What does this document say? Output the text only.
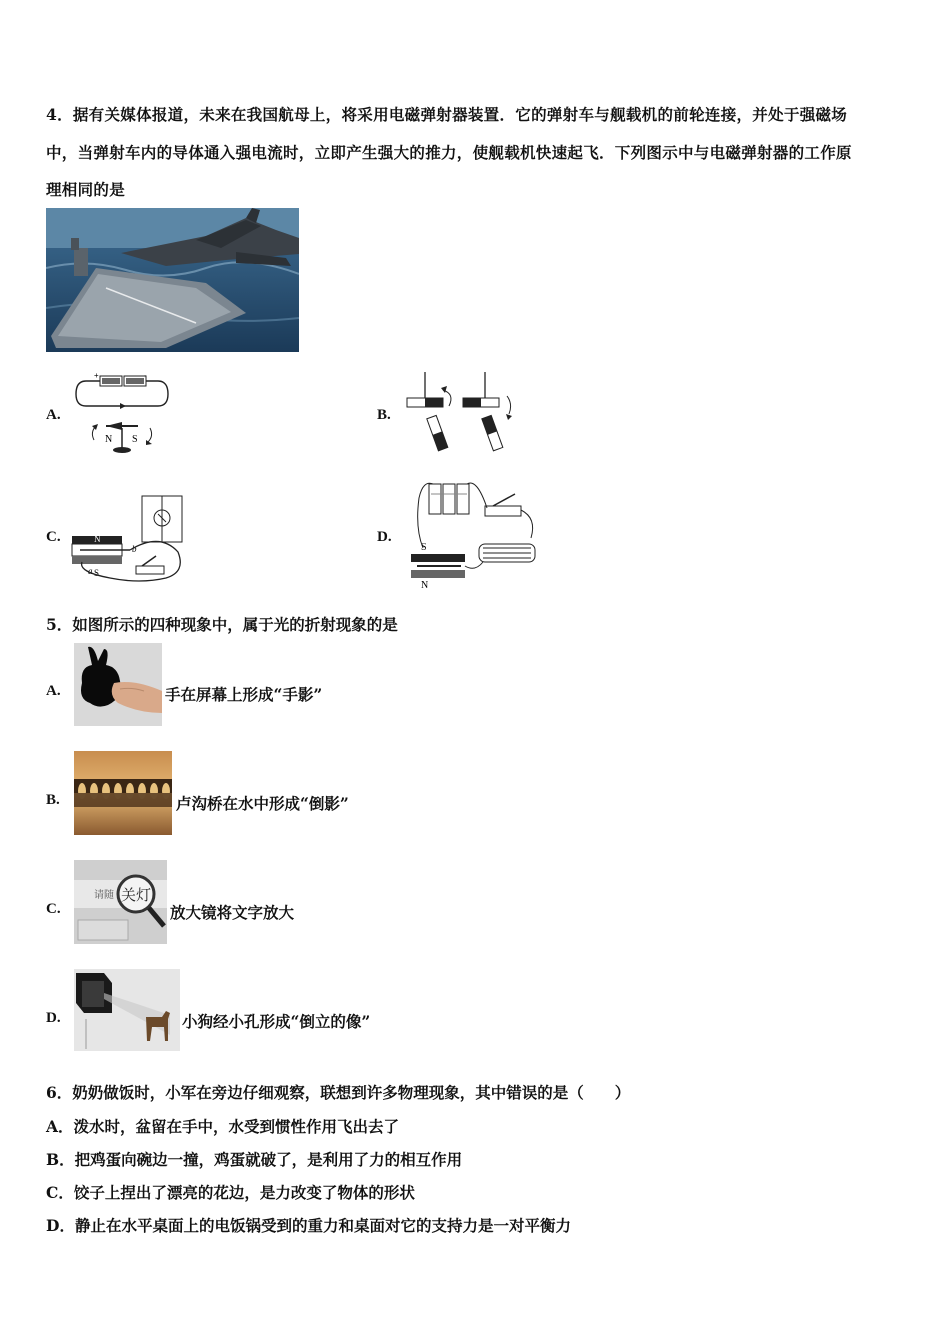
4．据有关媒体报道，未来在我国航母上，将采用电磁弹射器装置．它的弹射车与舰载机的前轮连接，并处于强磁场
中，当弹射车内的导体通入强电流时，立即产生强大的推力，使舰载机快速起飞．下列图示中与电磁弹射器的工作原
理相同的是
A.
+	-
N S
B.
C.	N
S
a
b
D.
S
N
5．如图所示的四种现象中，属于光的折射现象的是
A.	手在屏幕上形成“手影”
B.	卢沟桥在水中形成“倒影”
C.
请随 关灯
放大镜将文字放大
D.	小狗经小孔形成“倒立的像”
6．奶奶做饭时，小军在旁边仔细观察，联想到许多物理现象，其中错误的是（　　）
A．泼水时，盆留在手中，水受到惯性作用飞出去了
B．把鸡蛋向碗边一撞，鸡蛋就破了，是利用了力的相互作用
C．饺子上捏出了漂亮的花边，是力改变了物体的形状
D．静止在水平桌面上的电饭锅受到的重力和桌面对它的支持力是一对平衡力
